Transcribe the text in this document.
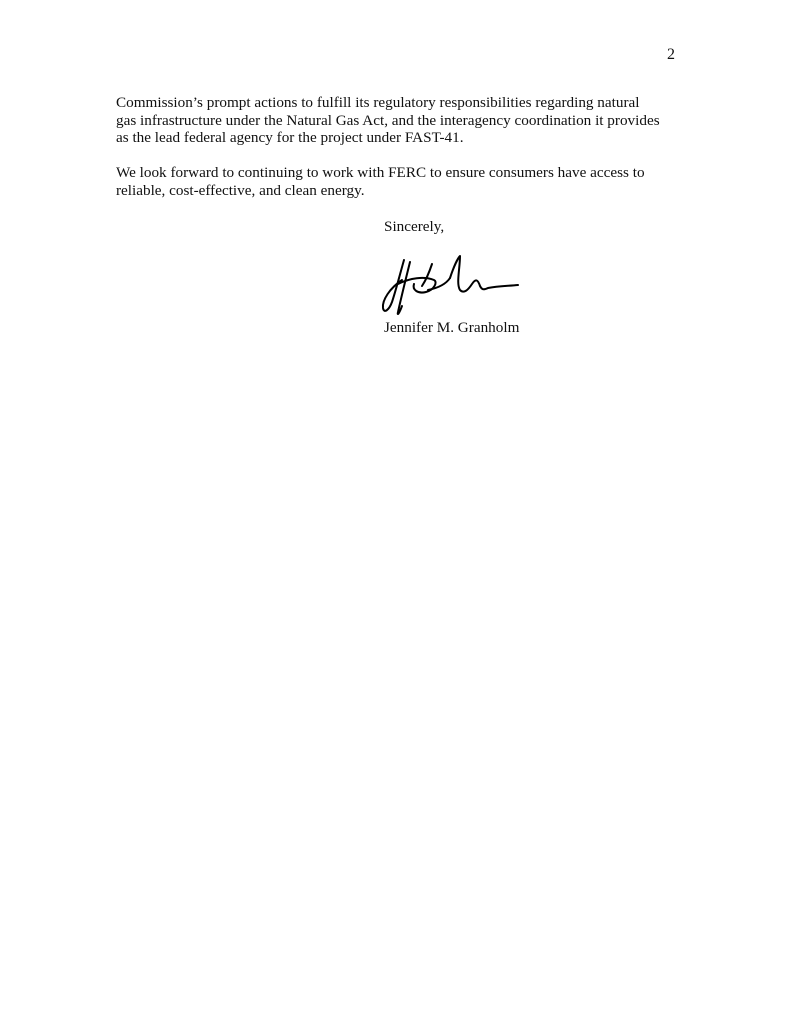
2

Commission’s prompt actions to fulfill its regulatory responsibilities regarding natural
gas infrastructure under the Natural Gas Act, and the interagency coordination it provides
as the lead federal agency for the project under FAST-41.

We look forward to continuing to work with FERC to ensure consumers have access to
reliable, cost-effective, and clean energy.

Sincerely,
Jennifer M. Granholm
